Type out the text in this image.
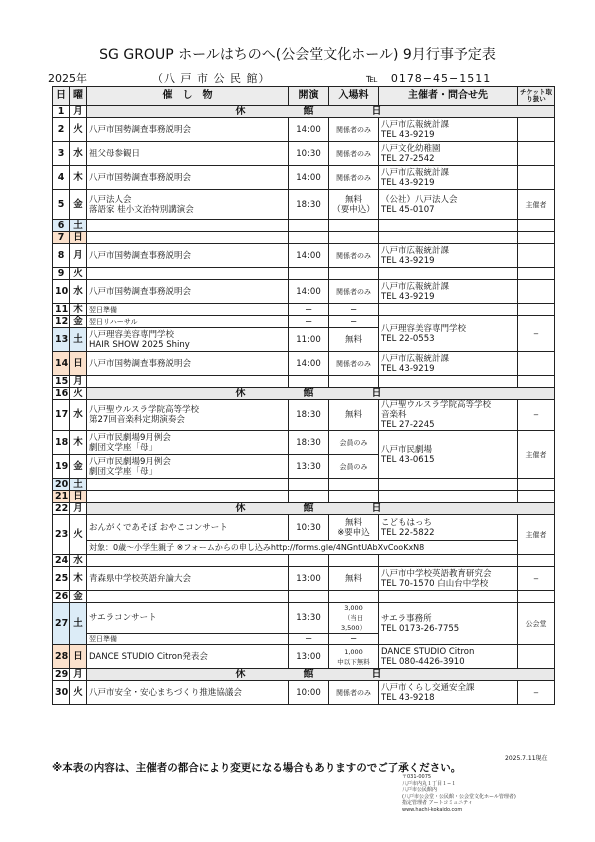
SG GROUP ホールはちのへ(公会堂文化ホール) 9月行事予定表
2025年	（八 戸 市 公 民 館）	℡　0178−45−1511
日	曜	催　し　物	開演	入場料	主催者・問合せ先	チケット取り扱い
1	月	休　館　日				
2	火	八戸市国勢調査事務説明会	14:00	関係者のみ	八戸市広報統計課
TEL 43-9219	
3	水	祖父母参観日	10:30	関係者のみ	八戸文化幼稚園
TEL 27-2542	
4	木	八戸市国勢調査事務説明会	14:00	関係者のみ	八戸市広報統計課
TEL 43-9219	
5	金	八戸法人会
落語家 桂小文治特別講演会	18:30	無料
（要申込）	（公社）八戸法人会
TEL 45-0107	主催者
6	土					
7	日					
8	月	八戸市国勢調査事務説明会	14:00	関係者のみ	八戸市広報統計課
TEL 43-9219	
9	火					
10	水	八戸市国勢調査事務説明会	14:00	関係者のみ	八戸市広報統計課
TEL 43-9219	
11	木	翌日準備	−	−		
12	金	翌日リハーサル	−	−	八戸理容美容専門学校
TEL 22-0553	−
13	土	八戸理容美容専門学校
HAIR SHOW 2025 Shiny	11:00	無料		
14	日	八戸市国勢調査事務説明会	14:00	関係者のみ	八戸市広報統計課
TEL 43-9219	
15	月					
16	火	休　館　日				
17	水	八戸聖ウルスラ学院高等学校
第27回音楽科定期演奏会	18:30	無料	八戸聖ウルスラ学院高等学校
音楽科
TEL 27-2245	−
18	木	八戸市民劇場9月例会
劇団文学座「母」	18:30	会員のみ	八戸市民劇場
TEL 43-0615	主催者
19	金	八戸市民劇場9月例会
劇団文学座「母」	13:30	会員のみ		
20	土					
21	日					
22	月	休　館　日				
23	火	おんがくであそぼ おやこコンサート	10:30	無料
※要申込	こどもはっち
TEL 22-5822	主催者
		対象：0歳〜小学生親子 ※フォームからの申し込みhttp://forms.gle/4NGntUAbXvCooKxN8				
24	水					
25	木	青森県中学校英語弁論大会	13:00	無料	八戸市中学校英語教育研究会
TEL 70-1570 白山台中学校	−
26	金					
27	土	サエラコンサート	13:30	3,000
（当日
3,500）	サエラ事務所
TEL 0173-26-7755	公会堂
		翌日準備	−	−		
28	日	DANCE STUDIO Citron発表会	13:00	1,000
中以下無料	DANCE STUDIO Citron
TEL 080-4426-3910	
29	月	休　館　日				
30	火	八戸市安全・安心まちづくり推進協議会	10:00	関係者のみ	八戸市くらし交通安全課
TEL 43-9218	−
※本表の内容は、主催者の都合により変更になる場合もありますのでご了承ください。
2025.7.11現在
〒031-0075
八戸市内丸１丁目１−１
八戸市公民館内
(八戸市公会堂・公民館・公会堂文化ホール管理者)
指定管理者 アートコミュニティ
www.hachi-kokaido.com
